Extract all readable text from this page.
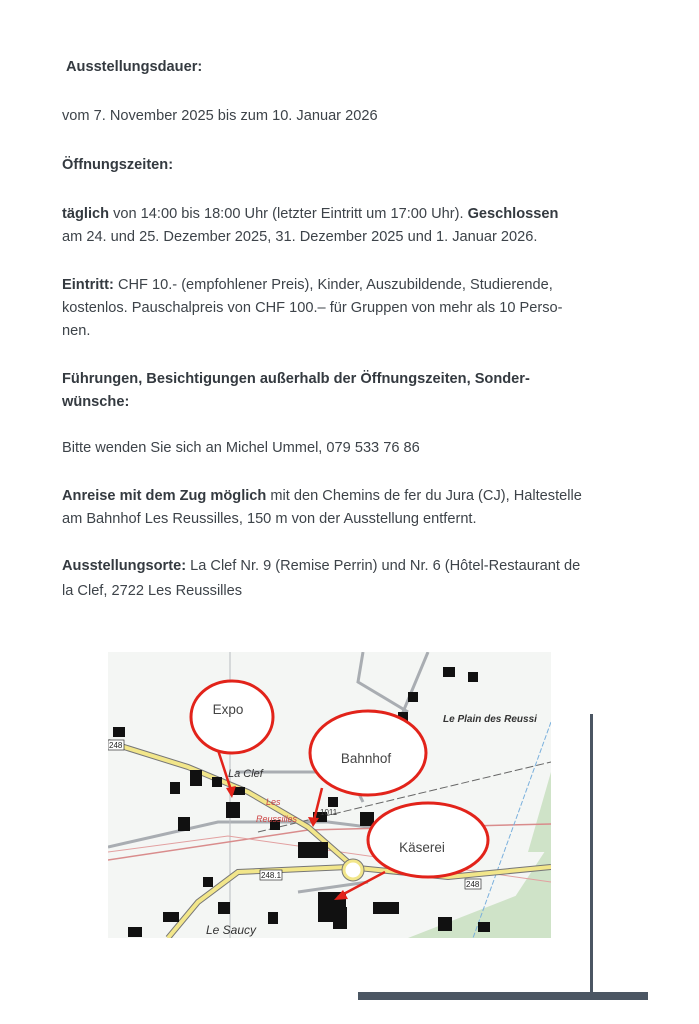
Ausstellungsdauer:
vom 7. November 2025 bis zum 10. Januar 2026
Öffnungszeiten:
täglich von 14:00 bis 18:00 Uhr (letzter Eintritt um 17:00 Uhr). Geschlossen
am 24. und 25. Dezember 2025, 31. Dezember 2025 und 1. Januar 2026.
Eintritt: CHF 10.- (empfohlener Preis), Kinder, Auszubildende, Studierende,
kostenlos. Pauschalpreis von CHF 100.– für Gruppen von mehr als 10 Perso-
nen.
Führungen, Besichtigungen außerhalb der Öffnungszeiten, Sonder-
wünsche:
Bitte wenden Sie sich an Michel Ummel, 079 533 76 86
Anreise mit dem Zug möglich mit den Chemins de fer du Jura (CJ), Haltestelle
am Bahnhof Les Reussilles, 150 m von der Ausstellung entfernt.
Ausstellungsorte: La Clef Nr. 9 (Remise Perrin) und Nr. 6 (Hôtel-Restaurant de
la Clef, 2722 Les Reussilles
248
248.1
248
Le Plain des Reussi
La Clef
Les
Reussilles
Le Saucy
1011
Expo
Bahnhof
Käserei
